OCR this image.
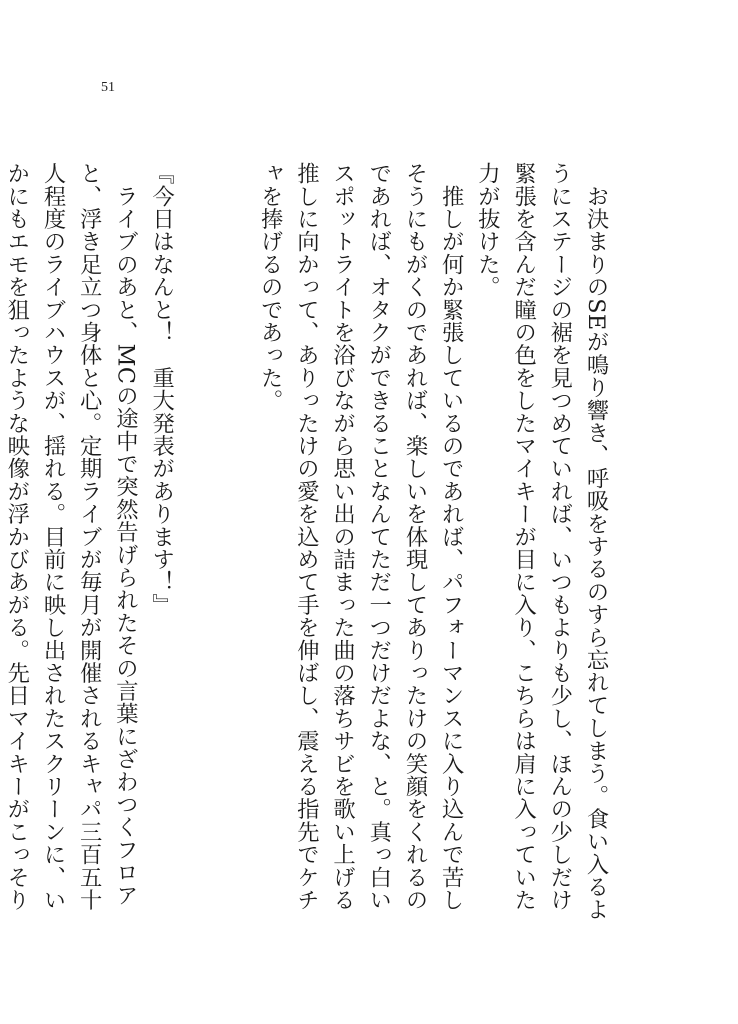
51

　お決まりのSEが鳴り響き、呼吸をするのすら忘れてしまう。食い入るようにステージの裾を見つめていれば、いつもよりも少し、ほんの少しだけ緊張を含んだ瞳の色をしたマイキーが目に入り、こちらは肩に入っていた力が抜けた。

　推しが何か緊張しているのであれば、パフォーマンスに入り込んで苦しそうにもがくのであれば、楽しいを体現してありったけの笑顔をくれるのであれば、オタクができることなんてただ一つだけだよな、と。真っ白いスポットライトを浴びながら思い出の詰まった曲の落ちサビを歌い上げる推しに向かって、ありったけの愛を込めて手を伸ばし、震える指先でケチャを捧げるのであった。

『今日はなんと！　重大発表があります！』

　ライブのあと、MCの途中で突然告げられたその言葉にざわつくフロアと、浮き足立つ身体と心。定期ライブが毎月が開催されるキャパ三百五十人程度のライブハウスが、揺れる。目前に映し出されたスクリーンに、いかにもエモを狙ったような映像が浮かびあがる。先日マイキーがこっそり
